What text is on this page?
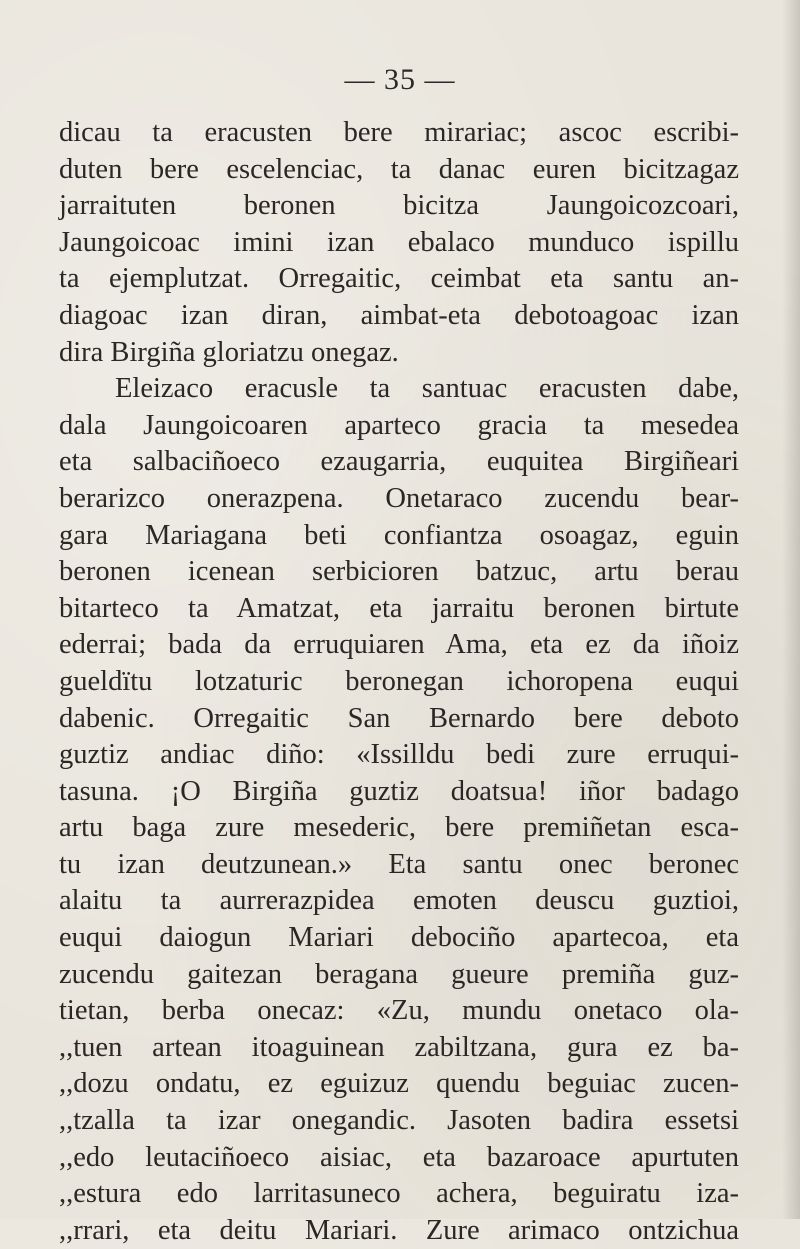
— 35 —
dicau ta eracusten bere mirariac; ascoc escribi-
duten bere escelenciac, ta danac euren bicitzagaz
jarraituten beronen bicitza Jaungoicozcoari,
Jaungoicoac imini izan ebalaco munduco ispillu
ta ejemplutzat. Orregaitic, ceimbat eta santu an-
diagoac izan diran, aimbat-eta debotoagoac izan
dira Birgiña gloriatzu onegaz.
Eleizaco eracusle ta santuac eracusten dabe,
dala Jaungoicoaren aparteco gracia ta mesedea
eta salbaciñoeco ezaugarria, euquitea Birgiñeari
berarizco onerazpena. Onetaraco zucendu bear-
gara Mariagana beti confiantza osoagaz, eguin
beronen icenean serbicioren batzuc, artu berau
bitarteco ta Amatzat, eta jarraitu beronen birtute
ederrai; bada da erruquiaren Ama, eta ez da iñoiz
gueldïtu lotzaturic beronegan ichoropena euqui
dabenic. Orregaitic San Bernardo bere deboto
guztiz andiac diño: «Issilldu bedi zure erruqui-
tasuna. ¡O Birgiña guztiz doatsua! iñor badago
artu baga zure mesederic, bere premiñetan esca-
tu izan deutzunean.» Eta santu onec beronec
alaitu ta aurrerazpidea emoten deuscu guztioi,
euqui daiogun Mariari debociño apartecoa, eta
zucendu gaitezan beragana gueure premiña guz-
tietan, berba onecaz: «Zu, mundu onetaco ola-
,,tuen artean itoaguinean zabiltzana, gura ez ba-
,,dozu ondatu, ez eguizuz quendu beguiac zucen-
,,tzalla ta izar onegandic. Jasoten badira essetsi
,,edo leutaciñoeco aisiac, eta bazaroace apurtuten
,,estura edo larritasuneco achera, beguiratu iza-
,,rrari, eta deitu Mariari. Zure arimaco ontzichua
